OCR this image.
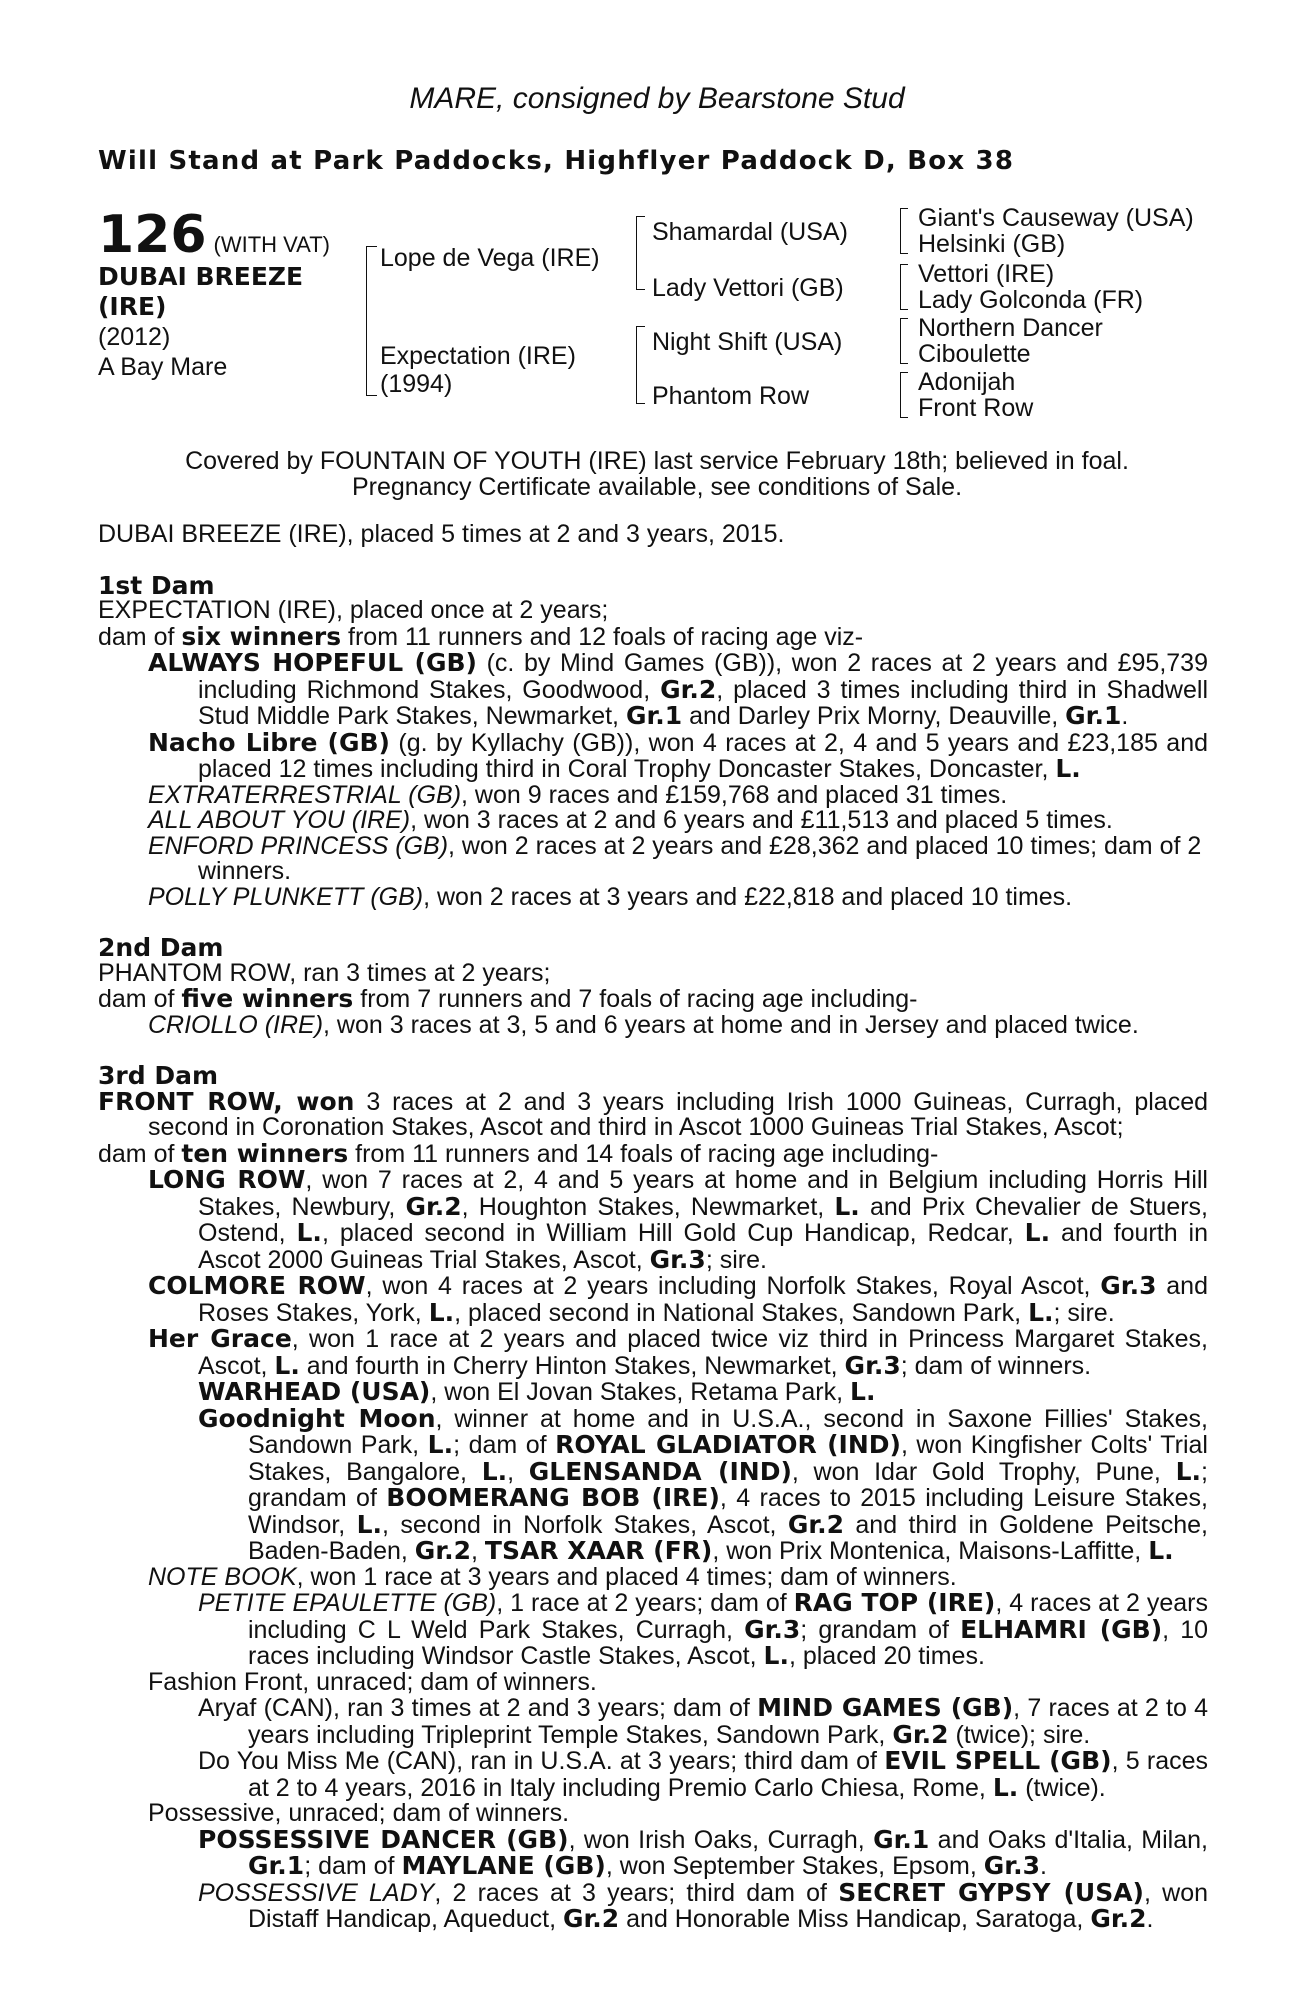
MARE, consigned by Bearstone Stud
Will Stand at Park Paddocks, Highflyer Paddock D, Box 38
126 (WITH VAT)
DUBAI BREEZE
(IRE)
(2012)
A Bay Mare
Lope de Vega (IRE)
Expectation (IRE)
(1994)
Shamardal (USA)
Lady Vettori (GB)
Night Shift (USA)
Phantom Row
Giant's Causeway (USA)
Helsinki (GB)
Vettori (IRE)
Lady Golconda (FR)
Northern Dancer
Ciboulette
Adonijah
Front Row
Covered by FOUNTAIN OF YOUTH (IRE) last service February 18th; believed in foal.
Pregnancy Certificate available, see conditions of Sale.

DUBAI BREEZE (IRE), placed 5 times at 2 and 3 years, 2015.

1st Dam

EXPECTATION (IRE), placed once at 2 years;

dam of six winners from 11 runners and 12 foals of racing age viz-

ALWAYS HOPEFUL (GB) (c. by Mind Games (GB)), won 2 races at 2 years and £95,739 including Richmond Stakes, Goodwood, Gr.2, placed 3 times including third in Shadwell Stud Middle Park Stakes, Newmarket, Gr.1 and Darley Prix Morny, Deauville, Gr.1.

Nacho Libre (GB) (g. by Kyllachy (GB)), won 4 races at 2, 4 and 5 years and £23,185 and placed 12 times including third in Coral Trophy Doncaster Stakes, Doncaster, L.

EXTRATERRESTRIAL (GB), won 9 races and £159,768 and placed 31 times.

ALL ABOUT YOU (IRE), won 3 races at 2 and 6 years and £11,513 and placed 5 times.

ENFORD PRINCESS (GB), won 2 races at 2 years and £28,362 and placed 10 times; dam of 2 winners.

POLLY PLUNKETT (GB), won 2 races at 3 years and £22,818 and placed 10 times.

2nd Dam

PHANTOM ROW, ran 3 times at 2 years;

dam of five winners from 7 runners and 7 foals of racing age including-

CRIOLLO (IRE), won 3 races at 3, 5 and 6 years at home and in Jersey and placed twice.

3rd Dam

FRONT ROW, won 3 races at 2 and 3 years including Irish 1000 Guineas, Curragh, placed second in Coronation Stakes, Ascot and third in Ascot 1000 Guineas Trial Stakes, Ascot;

dam of ten winners from 11 runners and 14 foals of racing age including-

LONG ROW, won 7 races at 2, 4 and 5 years at home and in Belgium including Horris Hill Stakes, Newbury, Gr.2, Houghton Stakes, Newmarket, L. and Prix Chevalier de Stuers, Ostend, L., placed second in William Hill Gold Cup Handicap, Redcar, L. and fourth in Ascot 2000 Guineas Trial Stakes, Ascot, Gr.3; sire.

COLMORE ROW, won 4 races at 2 years including Norfolk Stakes, Royal Ascot, Gr.3 and Roses Stakes, York, L., placed second in National Stakes, Sandown Park, L.; sire.

Her Grace, won 1 race at 2 years and placed twice viz third in Princess Margaret Stakes, Ascot, L. and fourth in Cherry Hinton Stakes, Newmarket, Gr.3; dam of winners.

WARHEAD (USA), won El Jovan Stakes, Retama Park, L.

Goodnight Moon, winner at home and in U.S.A., second in Saxone Fillies' Stakes, Sandown Park, L.; dam of ROYAL GLADIATOR (IND), won Kingfisher Colts' Trial Stakes, Bangalore, L., GLENSANDA (IND), won Idar Gold Trophy, Pune, L.; grandam of BOOMERANG BOB (IRE), 4 races to 2015 including Leisure Stakes, Windsor, L., second in Norfolk Stakes, Ascot, Gr.2 and third in Goldene Peitsche, Baden-Baden, Gr.2, TSAR XAAR (FR), won Prix Montenica, Maisons-Laffitte, L.

NOTE BOOK, won 1 race at 3 years and placed 4 times; dam of winners.

PETITE EPAULETTE (GB), 1 race at 2 years; dam of RAG TOP (IRE), 4 races at 2 years including C L Weld Park Stakes, Curragh, Gr.3; grandam of ELHAMRI (GB), 10 races including Windsor Castle Stakes, Ascot, L., placed 20 times.

Fashion Front, unraced; dam of winners.

Aryaf (CAN), ran 3 times at 2 and 3 years; dam of MIND GAMES (GB), 7 races at 2 to 4 years including Tripleprint Temple Stakes, Sandown Park, Gr.2 (twice); sire.

Do You Miss Me (CAN), ran in U.S.A. at 3 years; third dam of EVIL SPELL (GB), 5 races at 2 to 4 years, 2016 in Italy including Premio Carlo Chiesa, Rome, L. (twice).

Possessive, unraced; dam of winners.

POSSESSIVE DANCER (GB), won Irish Oaks, Curragh, Gr.1 and Oaks d'Italia, Milan, Gr.1; dam of MAYLANE (GB), won September Stakes, Epsom, Gr.3.

POSSESSIVE LADY, 2 races at 3 years; third dam of SECRET GYPSY (USA), won Distaff Handicap, Aqueduct, Gr.2 and Honorable Miss Handicap, Saratoga, Gr.2.
